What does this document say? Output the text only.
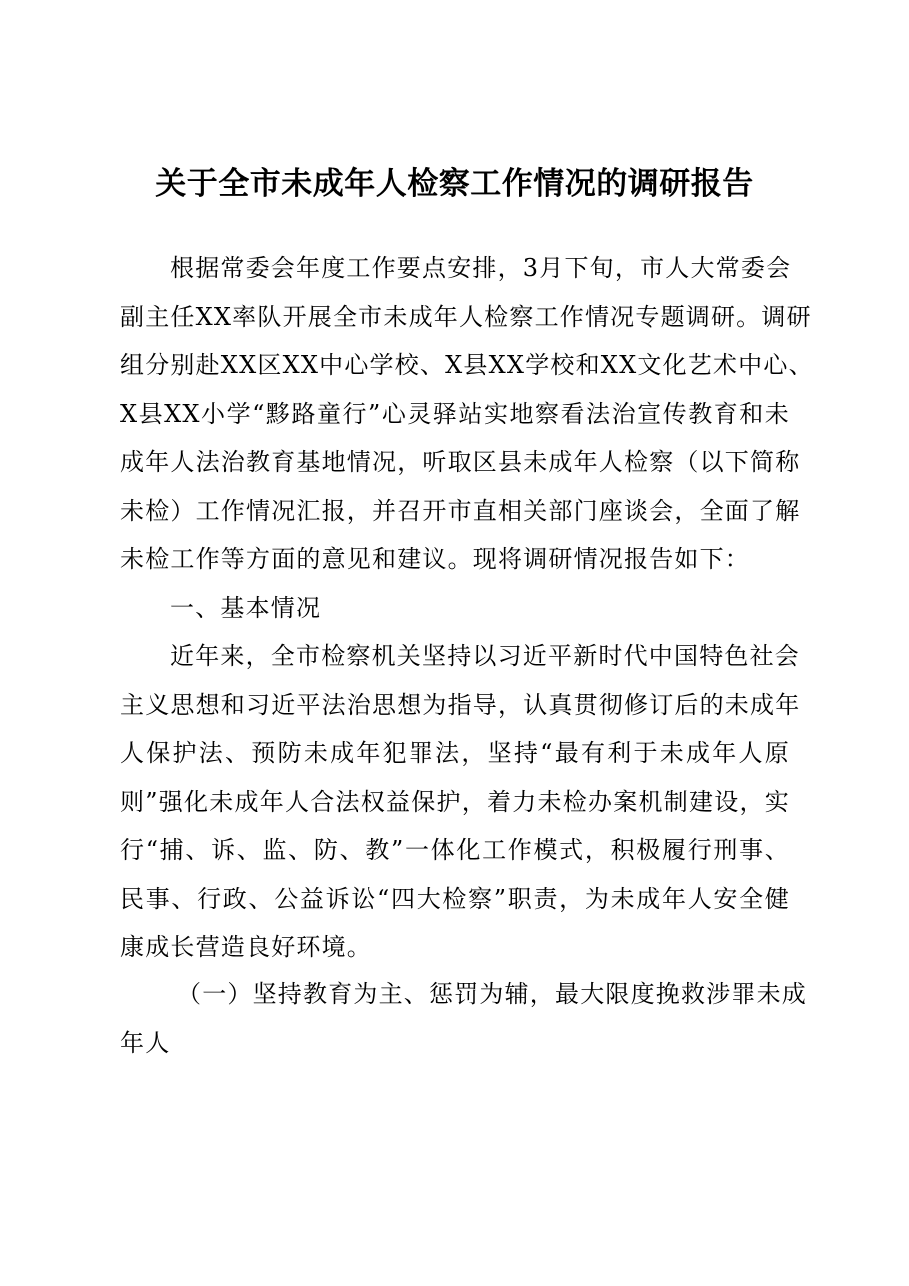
关于全市未成年人检察工作情况的调研报告
根据常委会年度工作要点安排，3月下旬，市人大常委会
副主任XX率队开展全市未成年人检察工作情况专题调研。调研
组分别赴XX区XX中心学校、X县XX学校和XX文化艺术中心、
X县XX小学“黟路童行”心灵驿站实地察看法治宣传教育和未
成年人法治教育基地情况，听取区县未成年人检察（以下简称
未检）工作情况汇报，并召开市直相关部门座谈会，全面了解
未检工作等方面的意见和建议。现将调研情况报告如下：
一、基本情况
近年来，全市检察机关坚持以习近平新时代中国特色社会
主义思想和习近平法治思想为指导，认真贯彻修订后的未成年
人保护法、预防未成年犯罪法，坚持“最有利于未成年人原
则”强化未成年人合法权益保护，着力未检办案机制建设，实
行“捕、诉、监、防、教”一体化工作模式，积极履行刑事、
民事、行政、公益诉讼“四大检察”职责，为未成年人安全健
康成长营造良好环境。
（一）坚持教育为主、惩罚为辅，最大限度挽救涉罪未成
年人
